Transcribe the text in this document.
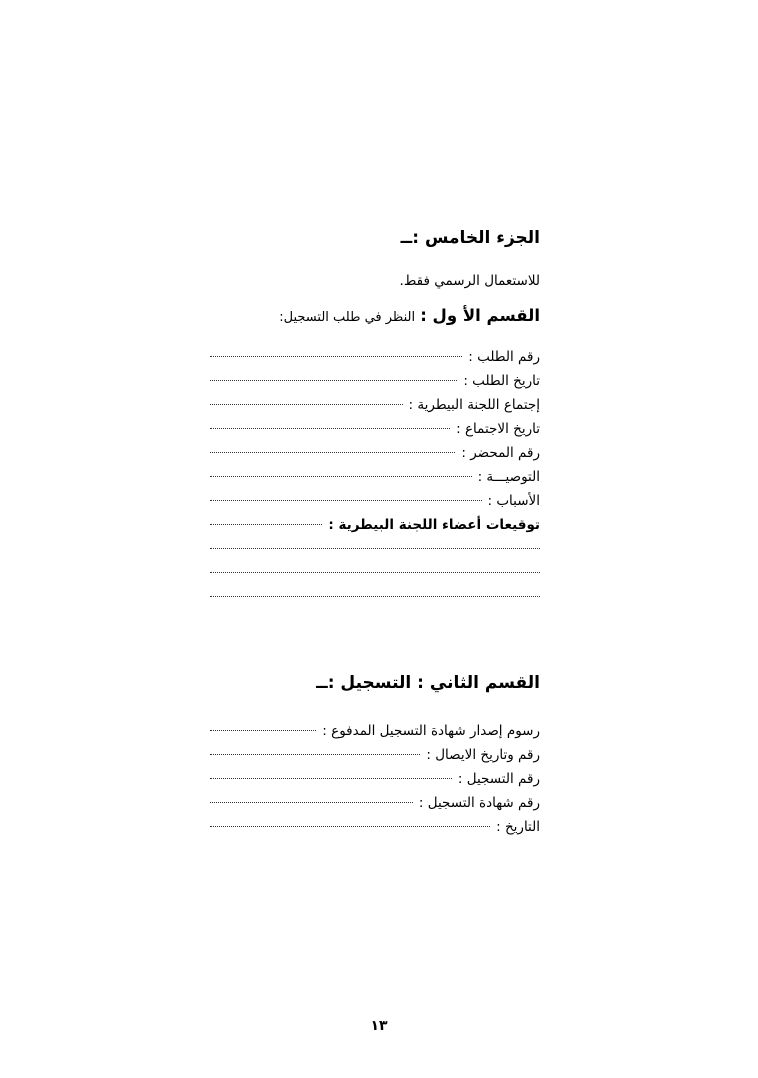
الجزء الخامس :ــ
للاستعمال الرسمي فقط.
القسم الأ ول : النظر في طلب التسجيل:
رقم الطلب :
تاريخ الطلب :
إجتماع اللجنة البيطرية :
تاريخ الاجتماع :
رقم المحضر :
التوصيـــة :
الأسباب :
توقيعات أعضاء اللجنة البيطرية :
القسم الثاني : التسجيل :ــ
رسوم إصدار شهادة التسجيل المدفوع :
رقم وتاريخ الايصال :
رقم التسجيل :
رقم شهادة التسجيل :
التاريخ :
١٣
